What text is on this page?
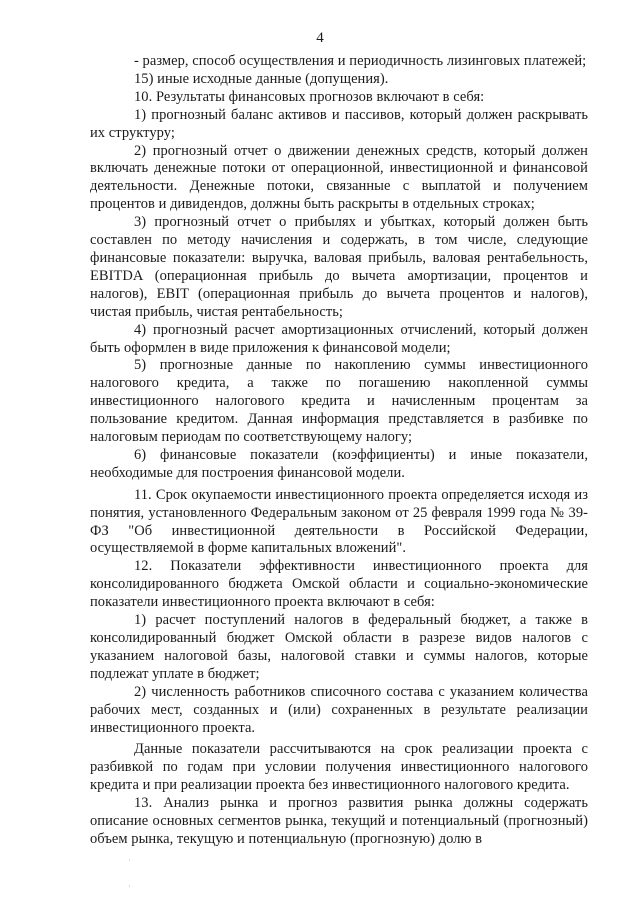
4

- размер, способ осуществления и периодичность лизинговых платежей;

15) иные исходные данные (допущения).

10. Результаты финансовых прогнозов включают в себя:

1) прогнозный баланс активов и пассивов, который должен раскрывать их структуру;

2) прогнозный отчет о движении денежных средств, который должен включать денежные потоки от операционной, инвестиционной и финансовой деятельности. Денежные потоки, связанные с выплатой и получением процентов и дивидендов, должны быть раскрыты в отдельных строках;

3) прогнозный отчет о прибылях и убытках, который должен быть составлен по методу начисления и содержать, в том числе, следующие финансовые показатели: выручка, валовая прибыль, валовая рентабельность, EBITDA (операционная прибыль до вычета амортизации, процентов и налогов), EBIT (операционная прибыль до вычета процентов и налогов), чистая прибыль, чистая рентабельность;

4) прогнозный расчет амортизационных отчислений, который должен быть оформлен в виде приложения к финансовой модели;

5) прогнозные данные по накоплению суммы инвестиционного налогового кредита, а также по погашению накопленной суммы инвестиционного налогового кредита и начисленным процентам за пользование кредитом. Данная информация представляется в разбивке по налоговым периодам по соответствующему налогу;

6) финансовые показатели (коэффициенты) и иные показатели, необходимые для построения финансовой модели.

11. Срок окупаемости инвестиционного проекта определяется исходя из понятия, установленного Федеральным законом от 25 февраля 1999 года № 39-ФЗ "Об инвестиционной деятельности в Российской Федерации, осуществляемой в форме капитальных вложений".

12. Показатели эффективности инвестиционного проекта для консолидированного бюджета Омской области и социально-экономические показатели инвестиционного проекта включают в себя:

1) расчет поступлений налогов в федеральный бюджет, а также в консолидированный бюджет Омской области в разрезе видов налогов с указанием налоговой базы, налоговой ставки и суммы налогов, которые подлежат уплате в бюджет;

2) численность работников списочного состава с указанием количества рабочих мест, созданных и (или) сохраненных в результате реализации инвестиционного проекта.

Данные показатели рассчитываются на срок реализации проекта с разбивкой по годам при условии получения инвестиционного налогового кредита и при реализации проекта без инвестиционного налогового кредита.

13. Анализ рынка и прогноз развития рынка должны содержать описание основных сегментов рынка, текущий и потенциальный (прогнозный) объем рынка, текущую и потенциальную (прогнозную) долю в

·
·
